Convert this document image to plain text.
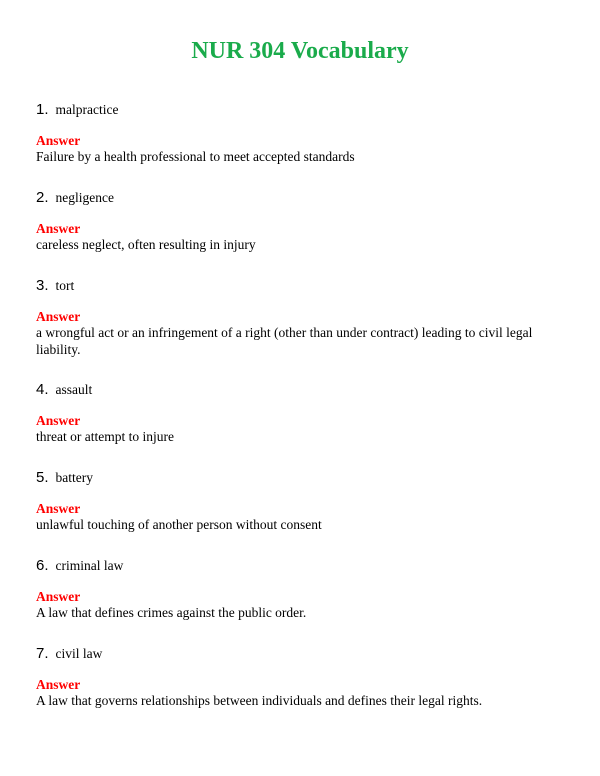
NUR 304 Vocabulary
1. malpractice
Answer
Failure by a health professional to meet accepted standards
2. negligence
Answer
careless neglect, often resulting in injury
3. tort
Answer
a wrongful act or an infringement of a right (other than under contract) leading to civil legal liability.
4. assault
Answer
threat or attempt to injure
5. battery
Answer
unlawful touching of another person without consent
6. criminal law
Answer
A law that defines crimes against the public order.
7. civil law
Answer
A law that governs relationships between individuals and defines their legal rights.
